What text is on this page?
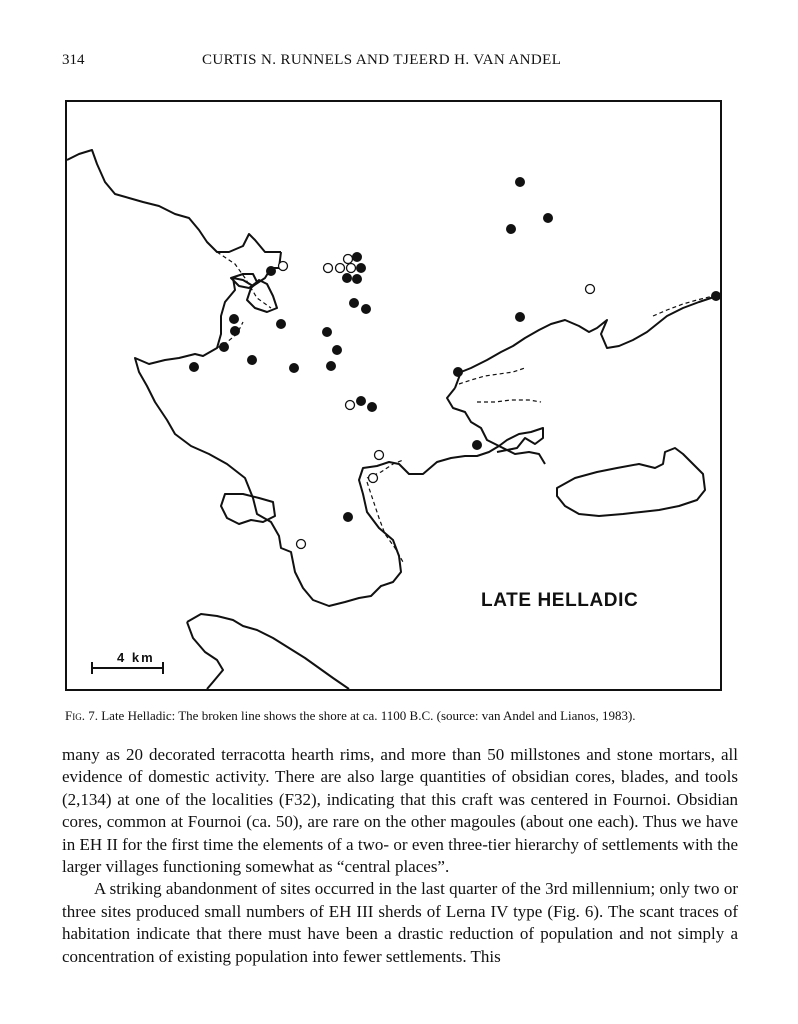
314	CURTIS N. RUNNELS AND TJEERD H. VAN ANDEL
LATE HELLADIC
4 km
Fig. 7. Late Helladic: The broken line shows the shore at ca. 1100 B.C. (source: van Andel and Lianos, 1983).

many as 20 decorated terracotta hearth rims, and more than 50 millstones and stone mortars, all evidence of domestic activity. There are also large quantities of obsidian cores, blades, and tools (2,134) at one of the localities (F32), indicating that this craft was centered in Fournoi. Obsidian cores, common at Fournoi (ca. 50), are rare on the other magoules (about one each). Thus we have in EH II for the first time the elements of a two- or even three-tier hierarchy of settlements with the larger villages functioning somewhat as “central places”.

A striking abandonment of sites occurred in the last quarter of the 3rd millennium; only two or three sites produced small numbers of EH III sherds of Lerna IV type (Fig. 6). The scant traces of habitation indicate that there must have been a drastic reduction of population and not simply a concentration of existing population into fewer settlements. This
